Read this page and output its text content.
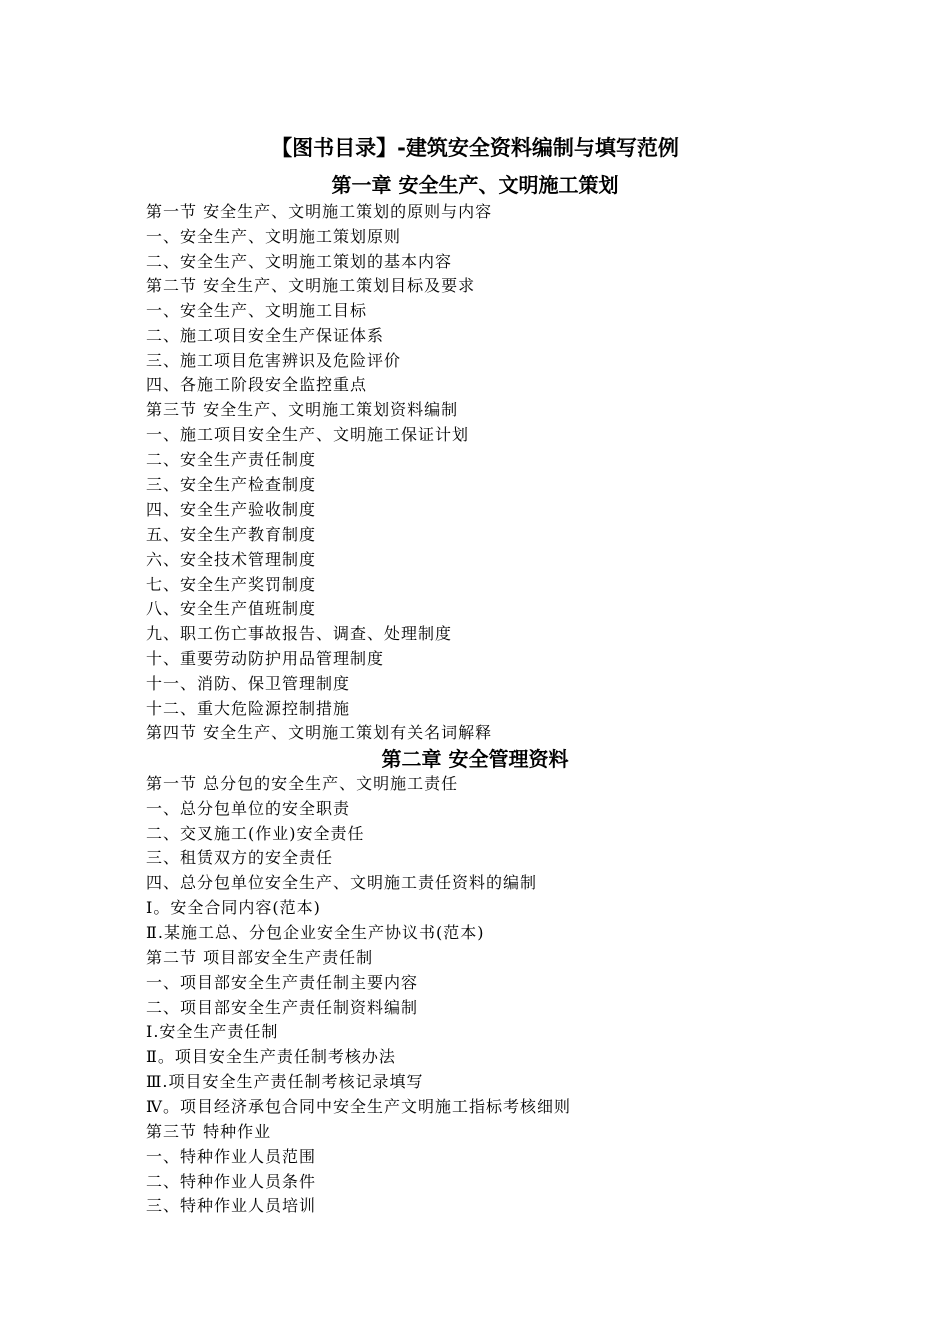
【图书目录】-建筑安全资料编制与填写范例
第一章 安全生产、文明施工策划
第一节 安全生产、文明施工策划的原则与内容
一、安全生产、文明施工策划原则
二、安全生产、文明施工策划的基本内容
第二节 安全生产、文明施工策划目标及要求
一、安全生产、文明施工目标
二、施工项目安全生产保证体系
三、施工项目危害辨识及危险评价
四、各施工阶段安全监控重点
第三节 安全生产、文明施工策划资料编制
一、施工项目安全生产、文明施工保证计划
二、安全生产责任制度
三、安全生产检查制度
四、安全生产验收制度
五、安全生产教育制度
六、安全技术管理制度
七、安全生产奖罚制度
八、安全生产值班制度
九、职工伤亡事故报告、调查、处理制度
十、重要劳动防护用品管理制度
十一、消防、保卫管理制度
十二、重大危险源控制措施
第四节 安全生产、文明施工策划有关名词解释
第二章 安全管理资料
第一节 总分包的安全生产、文明施工责任
一、总分包单位的安全职责
二、交叉施工(作业)安全责任
三、租赁双方的安全责任
四、总分包单位安全生产、文明施工责任资料的编制
I。安全合同内容(范本)
Ⅱ.某施工总、分包企业安全生产协议书(范本)
第二节 项目部安全生产责任制
一、项目部安全生产责任制主要内容
二、项目部安全生产责任制资料编制
I.安全生产责任制
Ⅱ。项目安全生产责任制考核办法
Ⅲ.项目安全生产责任制考核记录填写
Ⅳ。项目经济承包合同中安全生产文明施工指标考核细则
第三节 特种作业
一、特种作业人员范围
二、特种作业人员条件
三、特种作业人员培训
